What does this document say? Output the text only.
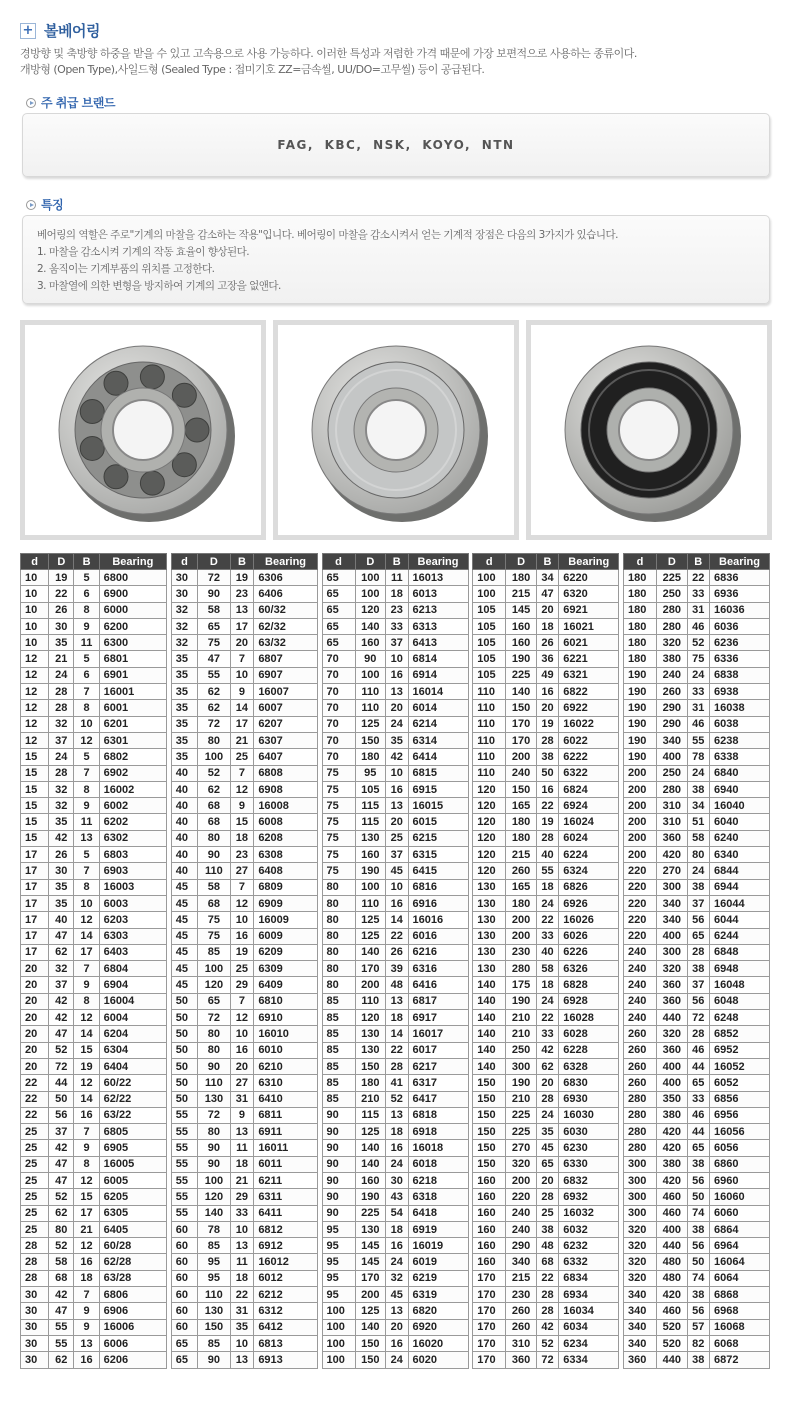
+ 볼베어링
경방향 및 축방향 하중을 받을 수 있고 고속용으로 사용 가능하다. 이러한 특성과 저렴한 가격 때문에 가장 보편적으로 사용하는 종류이다.
개방형 (Open Type),사일드형 (Sealed Type : 접미기호 ZZ=금속씰, UU/DO=고무씰) 등이 공급된다.
주 취급 브랜드
FAG, KBC, NSK, KOYO, NTN
특징
베어링의 역할은 주로"기계의 마찰을 감소하는 작용"입니다. 베어링이 마찰을 감소시켜서 얻는 기계적 장점은 다음의 3가지가 있습니다.
1. 마찰을 감소시켜 기계의 작동 효율이 향상된다.
2. 움직이는 기계부품의 위치를 고정한다.
3. 마찰열에 의한 변형을 방지하여 기계의 고장을 없앤다.
d	D	B	Bearing
10	19	5	6800
10	22	6	6900
10	26	8	6000
10	30	9	6200
10	35	11	6300
12	21	5	6801
12	24	6	6901
12	28	7	16001
12	28	8	6001
12	32	10	6201
12	37	12	6301
15	24	5	6802
15	28	7	6902
15	32	8	16002
15	32	9	6002
15	35	11	6202
15	42	13	6302
17	26	5	6803
17	30	7	6903
17	35	8	16003
17	35	10	6003
17	40	12	6203
17	47	14	6303
17	62	17	6403
20	32	7	6804
20	37	9	6904
20	42	8	16004
20	42	12	6004
20	47	14	6204
20	52	15	6304
20	72	19	6404
22	44	12	60/22
22	50	14	62/22
22	56	16	63/22
25	37	7	6805
25	42	9	6905
25	47	8	16005
25	47	12	6005
25	52	15	6205
25	62	17	6305
25	80	21	6405
28	52	12	60/28
28	58	16	62/28
28	68	18	63/28
30	42	7	6806
30	47	9	6906
30	55	9	16006
30	55	13	6006
30	62	16	6206
d	D	B	Bearing
30	72	19	6306
30	90	23	6406
32	58	13	60/32
32	65	17	62/32
32	75	20	63/32
35	47	7	6807
35	55	10	6907
35	62	9	16007
35	62	14	6007
35	72	17	6207
35	80	21	6307
35	100	25	6407
40	52	7	6808
40	62	12	6908
40	68	9	16008
40	68	15	6008
40	80	18	6208
40	90	23	6308
40	110	27	6408
45	58	7	6809
45	68	12	6909
45	75	10	16009
45	75	16	6009
45	85	19	6209
45	100	25	6309
45	120	29	6409
50	65	7	6810
50	72	12	6910
50	80	10	16010
50	80	16	6010
50	90	20	6210
50	110	27	6310
50	130	31	6410
55	72	9	6811
55	80	13	6911
55	90	11	16011
55	90	18	6011
55	100	21	6211
55	120	29	6311
55	140	33	6411
60	78	10	6812
60	85	13	6912
60	95	11	16012
60	95	18	6012
60	110	22	6212
60	130	31	6312
60	150	35	6412
65	85	10	6813
65	90	13	6913
d	D	B	Bearing
65	100	11	16013
65	100	18	6013
65	120	23	6213
65	140	33	6313
65	160	37	6413
70	90	10	6814
70	100	16	6914
70	110	13	16014
70	110	20	6014
70	125	24	6214
70	150	35	6314
70	180	42	6414
75	95	10	6815
75	105	16	6915
75	115	13	16015
75	115	20	6015
75	130	25	6215
75	160	37	6315
75	190	45	6415
80	100	10	6816
80	110	16	6916
80	125	14	16016
80	125	22	6016
80	140	26	6216
80	170	39	6316
80	200	48	6416
85	110	13	6817
85	120	18	6917
85	130	14	16017
85	130	22	6017
85	150	28	6217
85	180	41	6317
85	210	52	6417
90	115	13	6818
90	125	18	6918
90	140	16	16018
90	140	24	6018
90	160	30	6218
90	190	43	6318
90	225	54	6418
95	130	18	6919
95	145	16	16019
95	145	24	6019
95	170	32	6219
95	200	45	6319
100	125	13	6820
100	140	20	6920
100	150	16	16020
100	150	24	6020
d	D	B	Bearing
100	180	34	6220
100	215	47	6320
105	145	20	6921
105	160	18	16021
105	160	26	6021
105	190	36	6221
105	225	49	6321
110	140	16	6822
110	150	20	6922
110	170	19	16022
110	170	28	6022
110	200	38	6222
110	240	50	6322
120	150	16	6824
120	165	22	6924
120	180	19	16024
120	180	28	6024
120	215	40	6224
120	260	55	6324
130	165	18	6826
130	180	24	6926
130	200	22	16026
130	200	33	6026
130	230	40	6226
130	280	58	6326
140	175	18	6828
140	190	24	6928
140	210	22	16028
140	210	33	6028
140	250	42	6228
140	300	62	6328
150	190	20	6830
150	210	28	6930
150	225	24	16030
150	225	35	6030
150	270	45	6230
150	320	65	6330
160	200	20	6832
160	220	28	6932
160	240	25	16032
160	240	38	6032
160	290	48	6232
160	340	68	6332
170	215	22	6834
170	230	28	6934
170	260	28	16034
170	260	42	6034
170	310	52	6234
170	360	72	6334
d	D	B	Bearing
180	225	22	6836
180	250	33	6936
180	280	31	16036
180	280	46	6036
180	320	52	6236
180	380	75	6336
190	240	24	6838
190	260	33	6938
190	290	31	16038
190	290	46	6038
190	340	55	6238
190	400	78	6338
200	250	24	6840
200	280	38	6940
200	310	34	16040
200	310	51	6040
200	360	58	6240
200	420	80	6340
220	270	24	6844
220	300	38	6944
220	340	37	16044
220	340	56	6044
220	400	65	6244
240	300	28	6848
240	320	38	6948
240	360	37	16048
240	360	56	6048
240	440	72	6248
260	320	28	6852
260	360	46	6952
260	400	44	16052
260	400	65	6052
280	350	33	6856
280	380	46	6956
280	420	44	16056
280	420	65	6056
300	380	38	6860
300	420	56	6960
300	460	50	16060
300	460	74	6060
320	400	38	6864
320	440	56	6964
320	480	50	16064
320	480	74	6064
340	420	38	6868
340	460	56	6968
340	520	57	16068
340	520	82	6068
360	440	38	6872
